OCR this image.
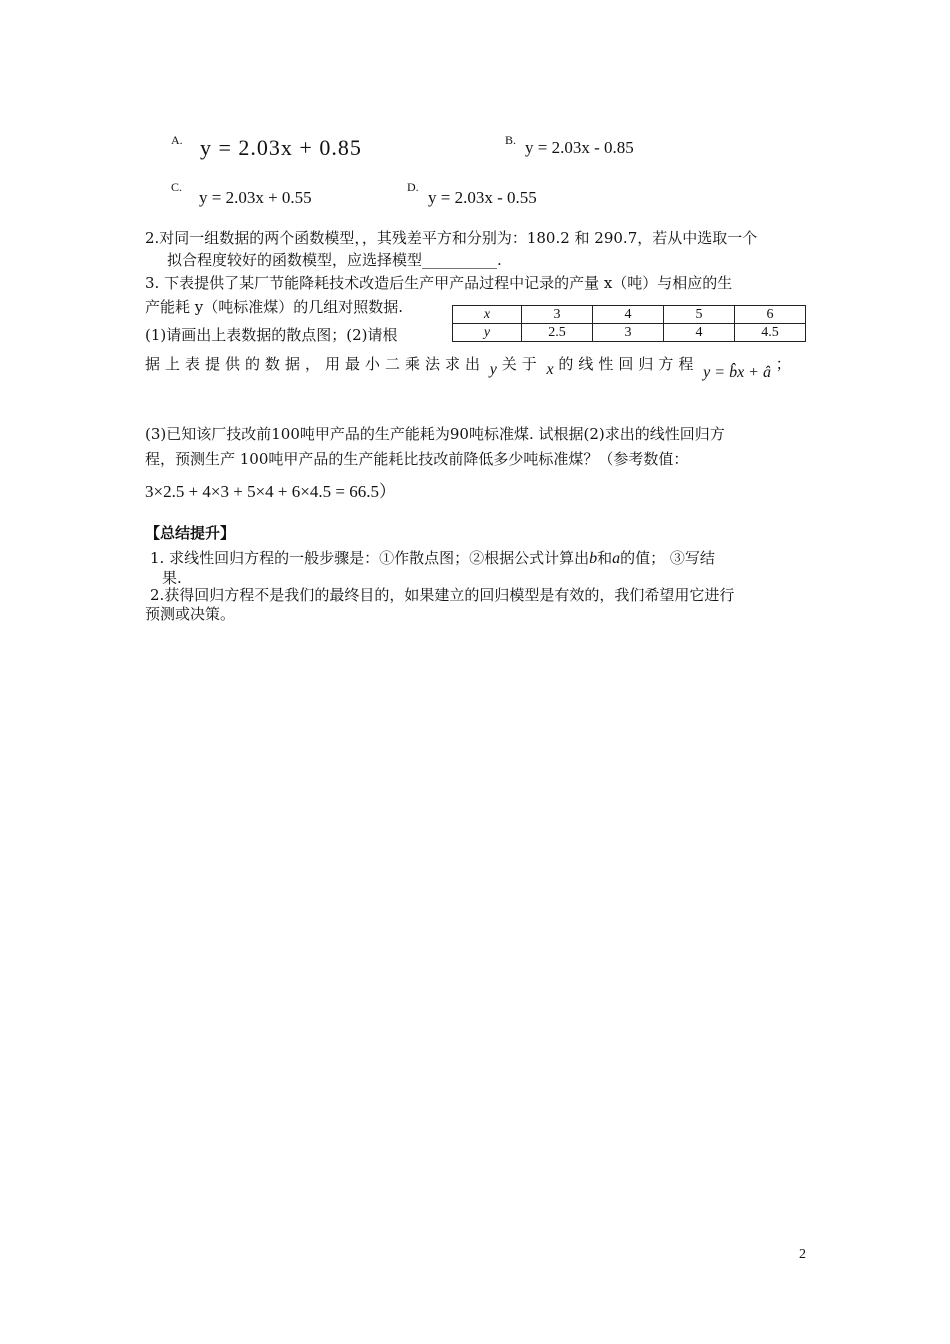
A. y = 2.03x + 0.85	B. y = 2.03x - 0.85
C.
y = 2.03x + 0.55
D.
y = 2.03x - 0.55
2.对同一组数据的两个函数模型，，其残差平方和分别为：180.2 和 290.7，若从中选取一个
拟合程度较好的函数模型，应选择模型__________.
3. 下表提供了某厂节能降耗技术改造后生产甲产品过程中记录的产量 x（吨）与相应的生
产能耗 y（吨标准煤）的几组对照数据.	x	3	4	5	6
y	2.5	3	4	4.5
(1)请画出上表数据的散点图；(2)请根
据上表提供的数据，用最小二乘法求出 y 关于 x 的线性回归方程 y = b̂x + â ；
(3)已知该厂技改前100吨甲产品的生产能耗为90吨标准煤. 试根据(2)求出的线性回归方
程，预测生产 100吨甲产品的生产能耗比技改前降低多少吨标准煤？（参考数值：
3×2.5 + 4×3 + 5×4 + 6×4.5 = 66.5）
【总结提升】
1. 求线性回归方程的一般步骤是：①作散点图；②根据公式计算出b和a的值； ③写结
果.
2.获得回归方程不是我们的最终目的，如果建立的回归模型是有效的，我们希望用它进行
预测或决策。
2
